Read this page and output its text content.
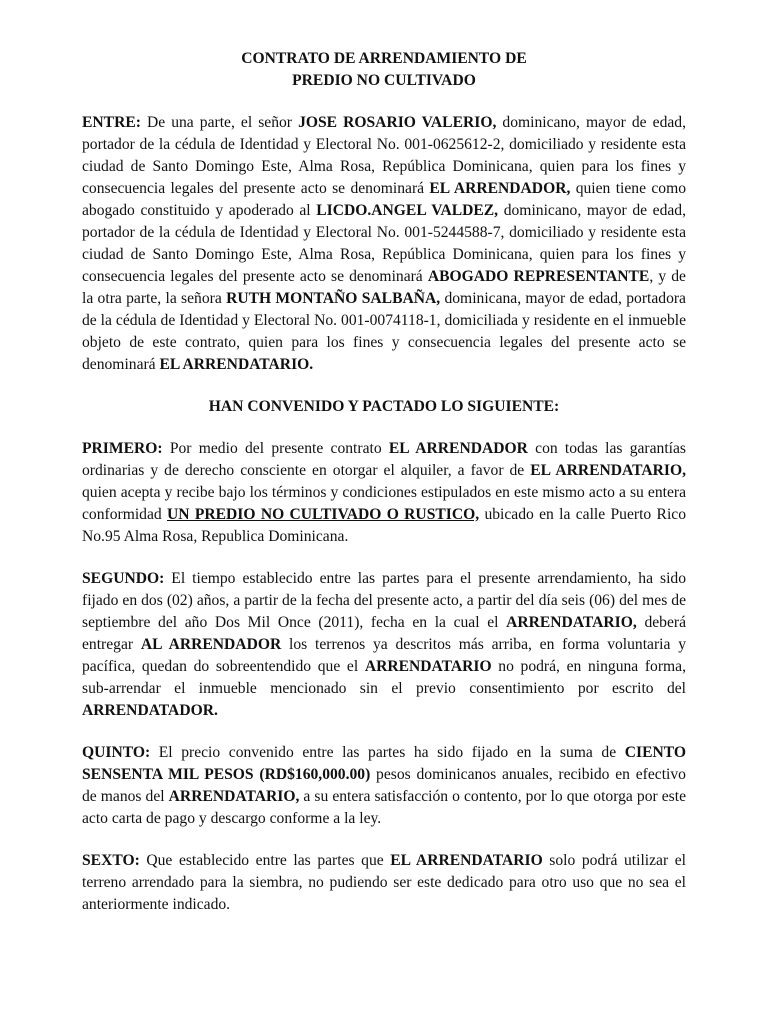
CONTRATO DE ARRENDAMIENTO DE
PREDIO NO CULTIVADO

ENTRE: De una parte, el señor JOSE ROSARIO VALERIO, dominicano, mayor de edad, portador de la cédula de Identidad y Electoral No. 001-0625612-2, domiciliado y residente esta ciudad de Santo Domingo Este, Alma Rosa, República Dominicana, quien para los fines y consecuencia legales del presente acto se denominará EL ARRENDADOR, quien tiene como abogado constituido y apoderado al LICDO.ANGEL VALDEZ, dominicano, mayor de edad, portador de la cédula de Identidad y Electoral No. 001-5244588-7, domiciliado y residente esta ciudad de Santo Domingo Este, Alma Rosa, República Dominicana, quien para los fines y consecuencia legales del presente acto se denominará ABOGADO REPRESENTANTE, y de la otra parte, la señora RUTH MONTAÑO SALBAÑA, dominicana, mayor de edad, portadora de la cédula de Identidad y Electoral No. 001-0074118-1, domiciliada y residente en el inmueble objeto de este contrato, quien para los fines y consecuencia legales del presente acto se denominará EL ARRENDATARIO.

HAN CONVENIDO Y PACTADO LO SIGUIENTE:

PRIMERO: Por medio del presente contrato EL ARRENDADOR con todas las garantías ordinarias y de derecho consciente en otorgar el alquiler, a favor de EL ARRENDATARIO, quien acepta y recibe bajo los términos y condiciones estipulados en este mismo acto a su entera conformidad UN PREDIO NO CULTIVADO O RUSTICO, ubicado en la calle Puerto Rico No.95 Alma Rosa, Republica Dominicana.

SEGUNDO: El tiempo establecido entre las partes para el presente arrendamiento, ha sido fijado en dos (02) años, a partir de la fecha del presente acto, a partir del día seis (06) del mes de septiembre del año Dos Mil Once (2011), fecha en la cual el ARRENDATARIO, deberá entregar AL ARRENDADOR los terrenos ya descritos más arriba, en forma voluntaria y pacífica, quedan do sobreentendido que el ARRENDATARIO no podrá, en ninguna forma, sub-arrendar el inmueble mencionado sin el previo consentimiento por escrito del ARRENDATADOR.

QUINTO: El precio convenido entre las partes ha sido fijado en la suma de CIENTO SENSENTA MIL PESOS (RD$160,000.00) pesos dominicanos anuales, recibido en efectivo de manos del ARRENDATARIO, a su entera satisfacción o contento, por lo que otorga por este acto carta de pago y descargo conforme a la ley.

SEXTO: Que establecido entre las partes que EL ARRENDATARIO solo podrá utilizar el terreno arrendado para la siembra, no pudiendo ser este dedicado para otro uso que no sea el anteriormente indicado.
